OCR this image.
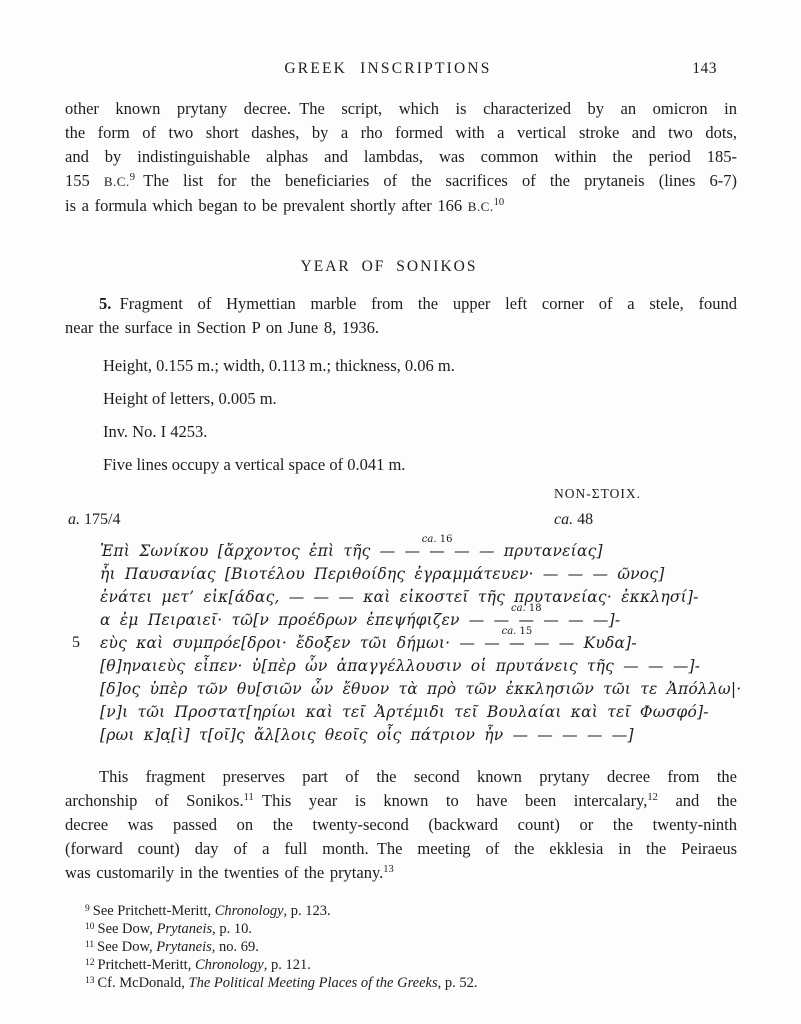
GREEK INSCRIPTIONS	143
other known prytany decree. The script, which is characterized by an omicron in
the form of two short dashes, by a rho formed with a vertical stroke and two dots,
and by indistinguishable alphas and lambdas, was common within the period 185-
155 B.C.$^9$ The list for the beneficiaries of the sacrifices of the prytaneis (lines 6-7)
is a formula which began to be prevalent shortly after 166 B.C.$^{10}$
YEAR OF SONIKOS
5. Fragment of Hymettian marble from the upper left corner of a stele, found
near the surface in Section P on June 8, 1936.
Height, 0.155 m.; width, 0.113 m.; thickness, 0.06 m.
Height of letters, 0.005 m.
Inv. No. I 4253.
Five lines occupy a vertical space of 0.041 m.
NON-ΣΤΟΙΧ.
a. 175/4	ca. 48
Ἐπὶ Σωνίκου [ἄρχοντος ἐπὶ τῆς — — —
ca. 16
— — πρυτανείας]
ἧι Παυσανίας [Βιοτέλου Περιθοίδης ἐγραμμάτευεν· — — — ῶνος]
ἐνάτει μετ’ εἰκ[άδας, — — — καὶ εἰκοστεῖ τῆς πρυτανείας· ἐκκλησί]-
α ἐμ Πειραιεῖ· τῶ[ν προέδρων ἐπεψήφιζεν — — —
ca. 18
— — —]-
5 εὺς καὶ συμπρόε[δροι· ἔδοξεν τῶι δήμωι· — — —
ca. 15
— — Κυδα]-
[θ]ηναιεὺς εἶπεν· ὑ[πὲρ ὧν ἀπαγγέλλουσιν οἱ πρυτάνεις τῆς — — —]-
[δ]ος ὑπὲρ τῶν θυ[σιῶν ὧν ἔθυον τὰ πρὸ τῶν ἐκκλησιῶν τῶι τε Ἀπόλλω|·
[ν]ι τῶι Προστατ[ηρίωι καὶ τεῖ Ἀρτέμιδι τεῖ Βουλαίαι καὶ τεῖ Φωσφό]-
[ρωι κ]α̣[ὶ] τ[οῖ]ς ἄλ[λοις θεοῖς οἷς πάτριον ἦν — — — — —]
This fragment preserves part of the second known prytany decree from the
archonship of Sonikos.$^{11}$ This year is known to have been intercalary,$^{12}$ and the
decree was passed on the twenty-second (backward count) or the twenty-ninth
(forward count) day of a full month. The meeting of the ekklesia in the Peiraeus
was customarily in the twenties of the prytany.$^{13}$
$^9$ See Pritchett-Meritt, Chronology, p. 123.
$^{10}$ See Dow, Prytaneis, p. 10.
$^{11}$ See Dow, Prytaneis, no. 69.
$^{12}$ Pritchett-Meritt, Chronology, p. 121.
$^{13}$ Cf. McDonald, The Political Meeting Places of the Greeks, p. 52.
